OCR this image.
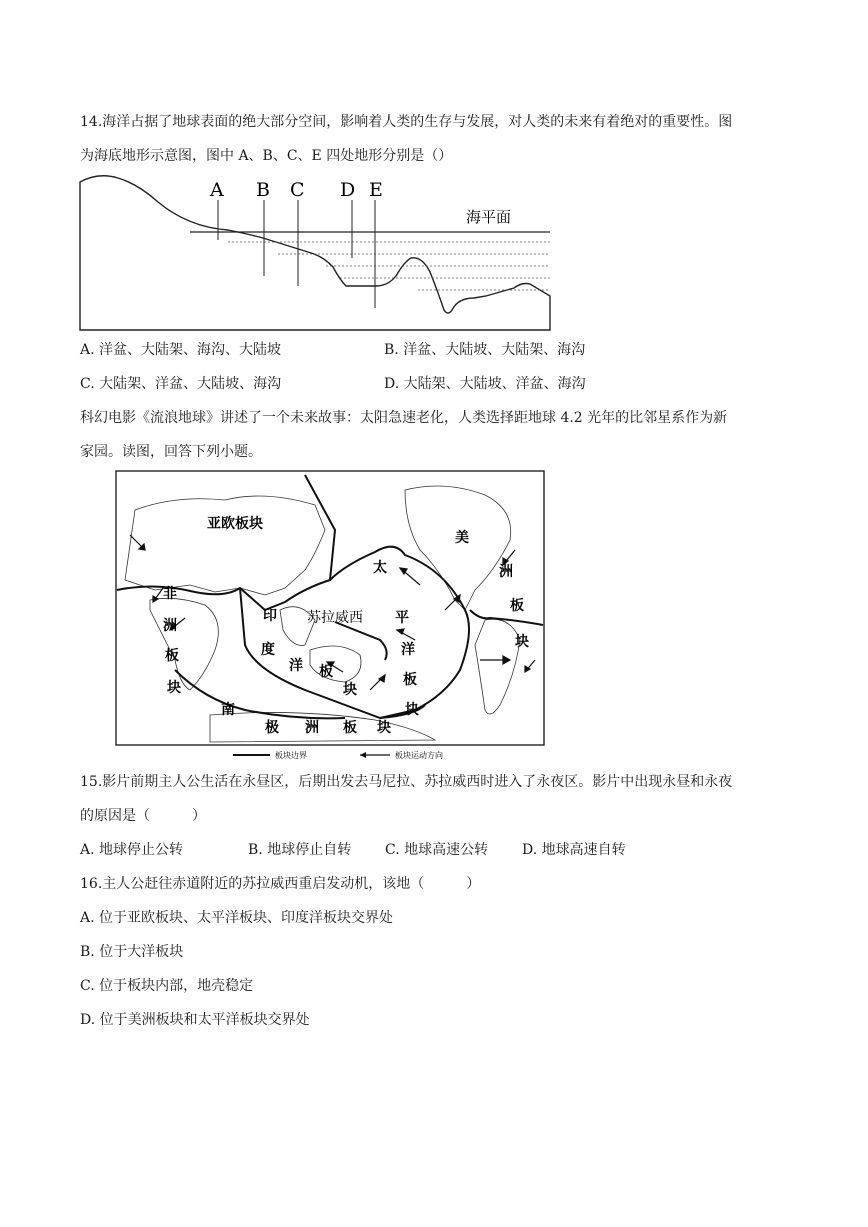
14.海洋占据了地球表面的绝大部分空间，影响着人类的生存与发展，对人类的未来有着绝对的重要性。图
为海底地形示意图，图中 A、B、C、E 四处地形分别是（）
A B C D E
海平面
A. 洋盆、大陆架、海沟、大陆坡	B. 洋盆、大陆坡、大陆架、海沟
C. 大陆架、洋盆、大陆坡、海沟	D. 大陆架、大陆坡、洋盆、海沟
科幻电影《流浪地球》讲述了一个未来故事：太阳急速老化，人类选择距地球 4.2 光年的比邻星系作为新
家园。读图，回答下列小题。
亚欧板块
非
洲
板
块
印
度
洋 板
块
太
平
洋
板
块
美
洲
板
块
南
极 洲 板 块
苏拉威西
板块边界	板块运动方向
15.影片前期主人公生活在永昼区，后期出发去马尼拉、苏拉威西时进入了永夜区。影片中出现永昼和永夜
的原因是（　　　）
A. 地球停止公转	B. 地球停止自转 C. 地球高速公转 D. 地球高速自转
16.主人公赶往赤道附近的苏拉威西重启发动机，该地（　　　）
A. 位于亚欧板块、太平洋板块、印度洋板块交界处
B. 位于大洋板块
C. 位于板块内部，地壳稳定
D. 位于美洲板块和太平洋板块交界处
